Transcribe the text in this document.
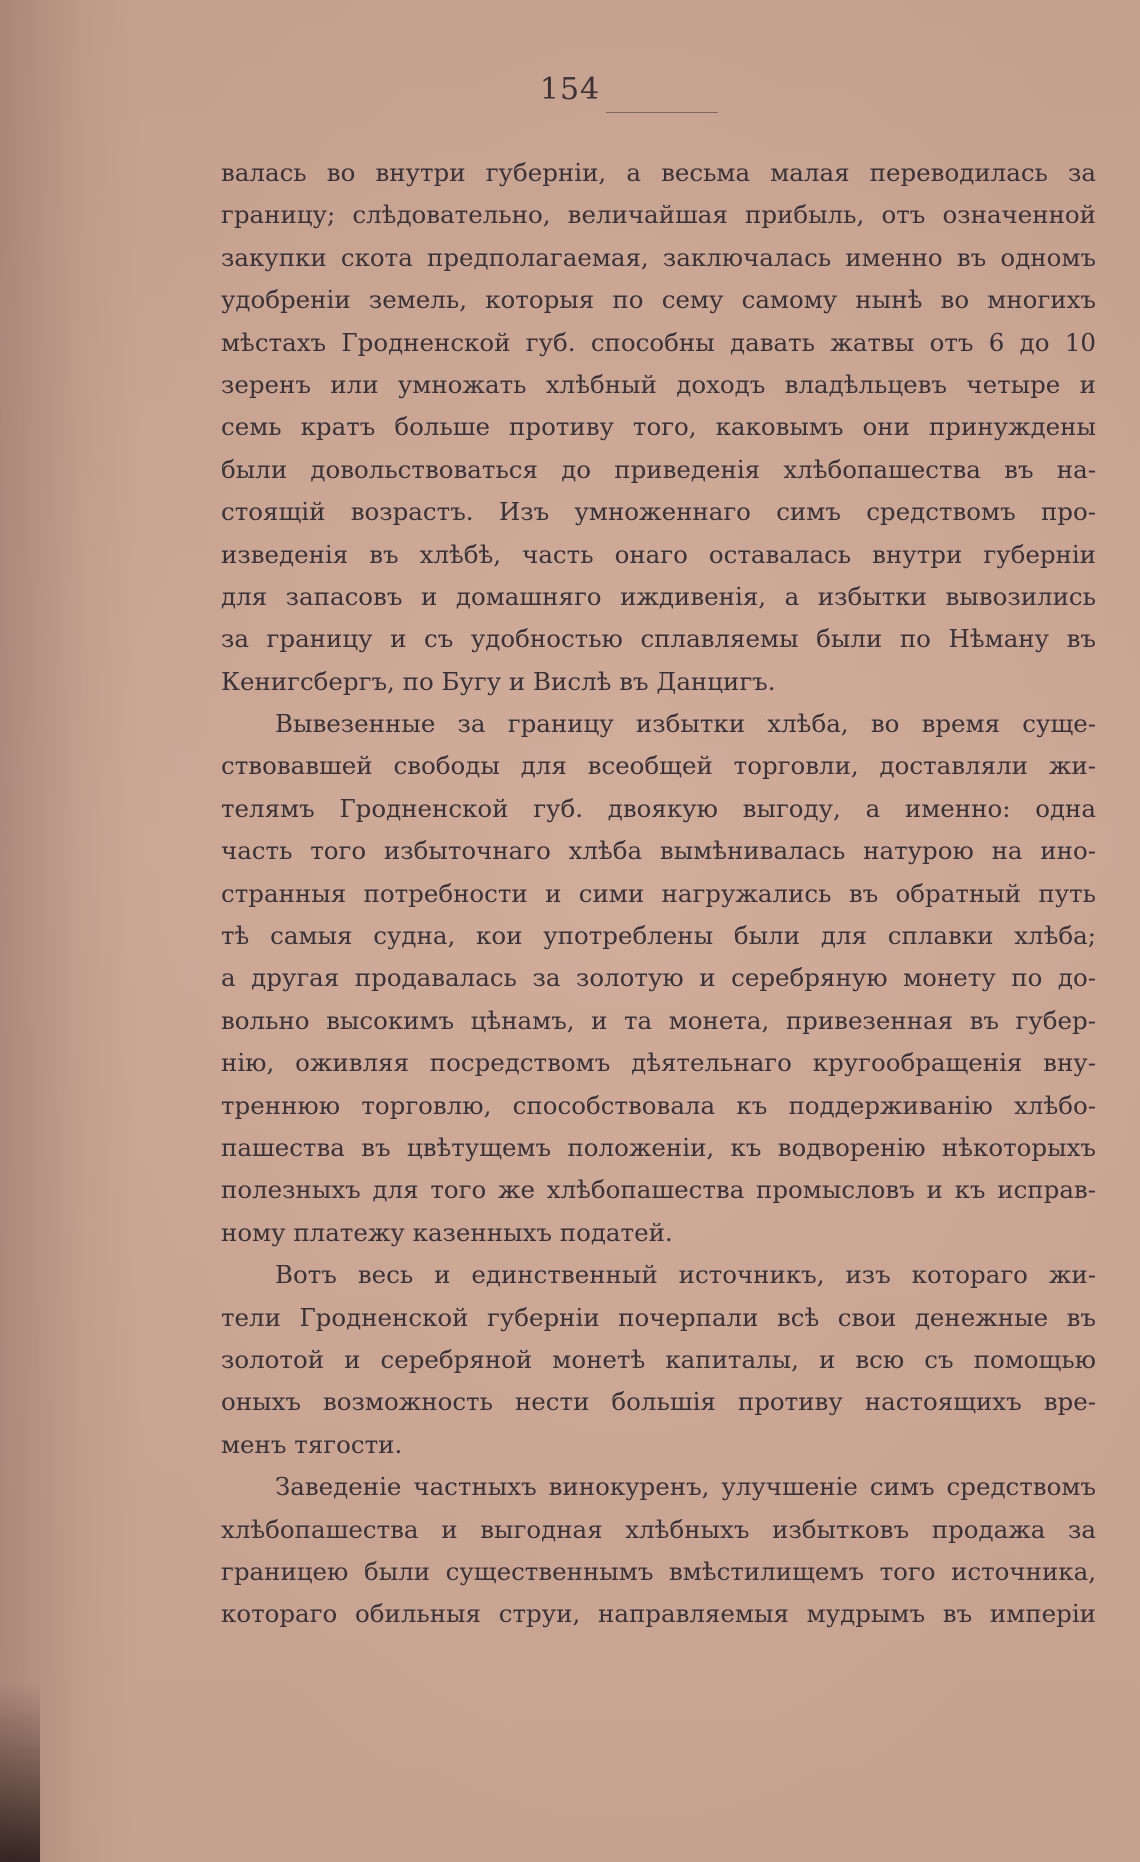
154
валась во внутри губерніи, а весьма малая переводилась за
границу; слѣдовательно, величайшая прибыль, отъ означенной
закупки скота предполагаемая, заключалась именно въ одномъ
удобреніи земель, которыя по сему самому нынѣ во многихъ
мѣстахъ Гродненской губ. способны давать жатвы отъ 6 до 10
зеренъ или умножать хлѣбный доходъ владѣльцевъ четыре и
семь кратъ больше противу того, каковымъ они принуждены
были довольствоваться до приведенія хлѣбопашества въ на-
стоящій возрастъ. Изъ умноженнаго симъ средствомъ про-
изведенія въ хлѣбѣ, часть онаго оставалась внутри губерніи
для запасовъ и домашняго иждивенія, а избытки вывозились
за границу и съ удобностью сплавляемы были по Нѣману въ
Кенигсбергъ, по Бугу и Вислѣ въ Данцигъ.
Вывезенные за границу избытки хлѣба, во время суще-
ствовавшей свободы для всеобщей торговли, доставляли жи-
телямъ Гродненской губ. двоякую выгоду, а именно: одна
часть того избыточнаго хлѣба вымѣнивалась натурою на ино-
странныя потребности и сими нагружались въ обратный путь
тѣ самыя судна, кои употреблены были для сплавки хлѣба;
а другая продавалась за золотую и серебряную монету по до-
вольно высокимъ цѣнамъ, и та монета, привезенная въ губер-
нію, оживляя посредствомъ дѣятельнаго кругообращенія вну-
треннюю торговлю, способствовала къ поддерживанію хлѣбо-
пашества въ цвѣтущемъ положеніи, къ водворенію нѣкоторыхъ
полезныхъ для того же хлѣбопашества промысловъ и къ исправ-
ному платежу казенныхъ податей.
Вотъ весь и единственный источникъ, изъ котораго жи-
тели Гродненской губерніи почерпали всѣ свои денежные въ
золотой и серебряной монетѣ капиталы, и всю съ помощью
оныхъ возможность нести большія противу настоящихъ вре-
менъ тягости.
Заведеніе частныхъ винокуренъ, улучшеніе симъ средствомъ
хлѣбопашества и выгодная хлѣбныхъ избытковъ продажа за
границею были существеннымъ вмѣстилищемъ того источника,
котораго обильныя струи, направляемыя мудрымъ въ имперіи
